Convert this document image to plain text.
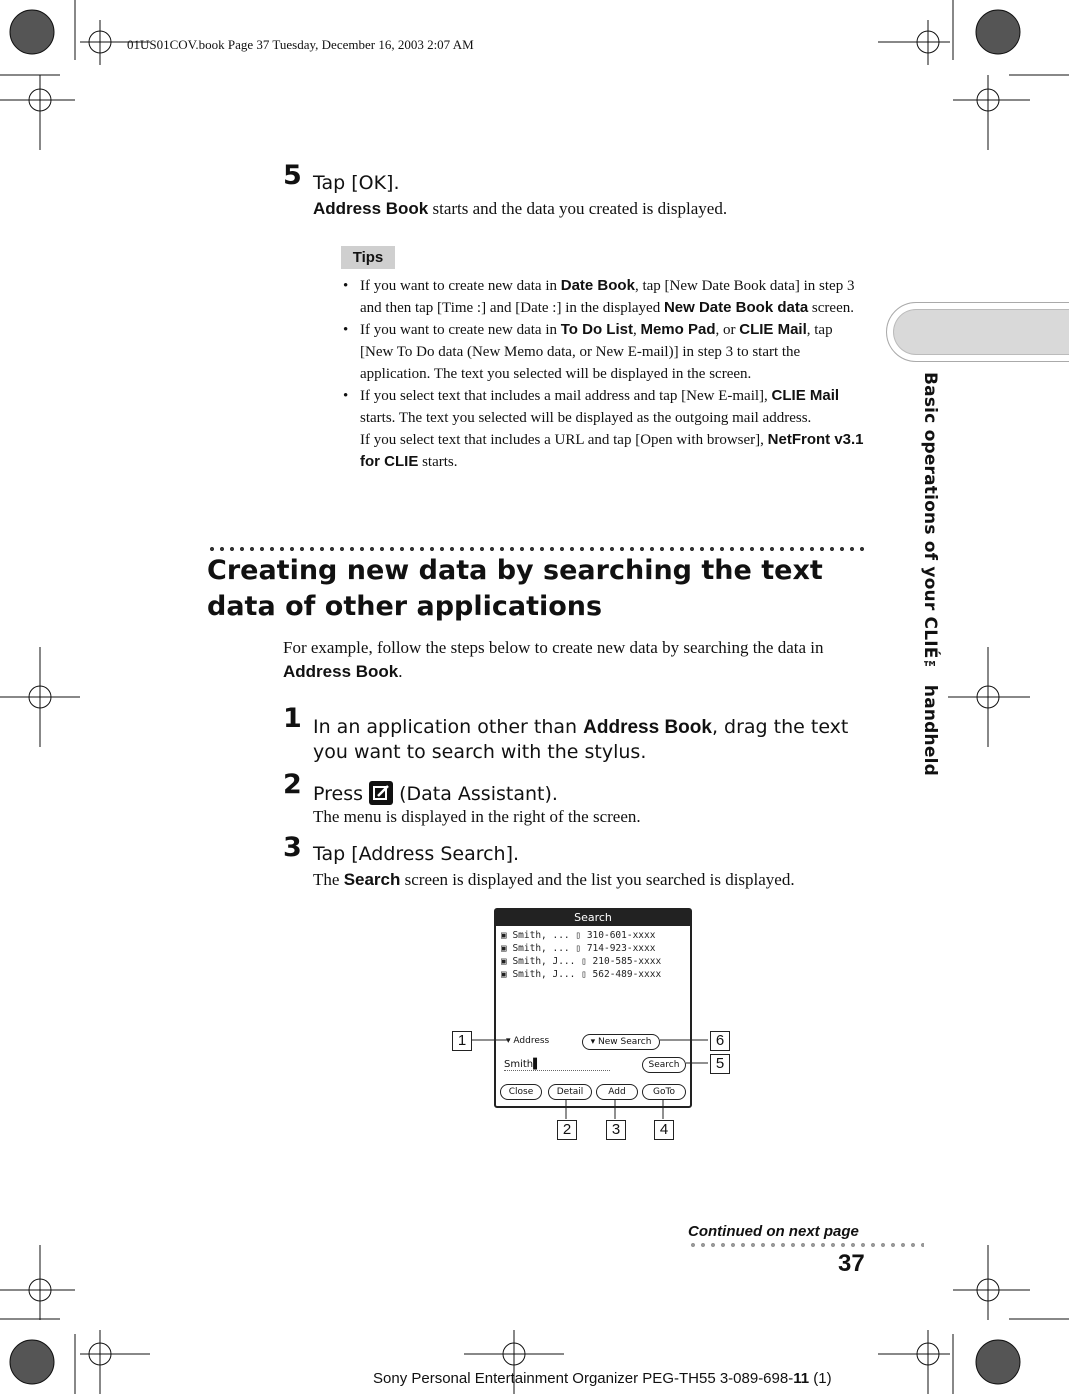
01US01COV.book Page 37 Tuesday, December 16, 2003 2:07 AM
Basic operations of your CLIÉ™ handheld
5 Tap [OK].
Address Book starts and the data you created is displayed.
Tips
• If you want to create new data in Date Book, tap [New Date Book data] in step 3 and then tap [Time :] and [Date :] in the displayed New Date Book data screen.
• If you want to create new data in To Do List, Memo Pad, or CLIE Mail, tap [New To Do data (New Memo data, or New E-mail)] in step 3 to start the application. The text you selected will be displayed in the screen.
• If you select text that includes a mail address and tap [New E-mail], CLIE Mail starts. The text you selected will be displayed as the outgoing mail address.
If you select text that includes a URL and tap [Open with browser], NetFront v3.1 for CLIE starts.
Creating new data by searching the text data of other applications
For example, follow the steps below to create new data by searching the data in Address Book.
1 In an application other than Address Book, drag the text you want to search with the stylus.
2 Press
(Data Assistant).
The menu is displayed in the right of the screen.
3 Tap [Address Search].
The Search screen is displayed and the list you searched is displayed.
Search
▣ Smith, ... ▯ 310-601-xxxx
▣ Smith, ... ▯ 714-923-xxxx
▣ Smith, J... ▯ 210-585-xxxx
▣ Smith, J... ▯ 562-489-xxxx
▾ Address	▾ New Search
Smith▌	Search
Close	Detail	Add	GoTo
1	6
5
2	3	4
Continued on next page
37
Sony Personal Entertainment Organizer PEG-TH55 3-089-698-11 (1)
